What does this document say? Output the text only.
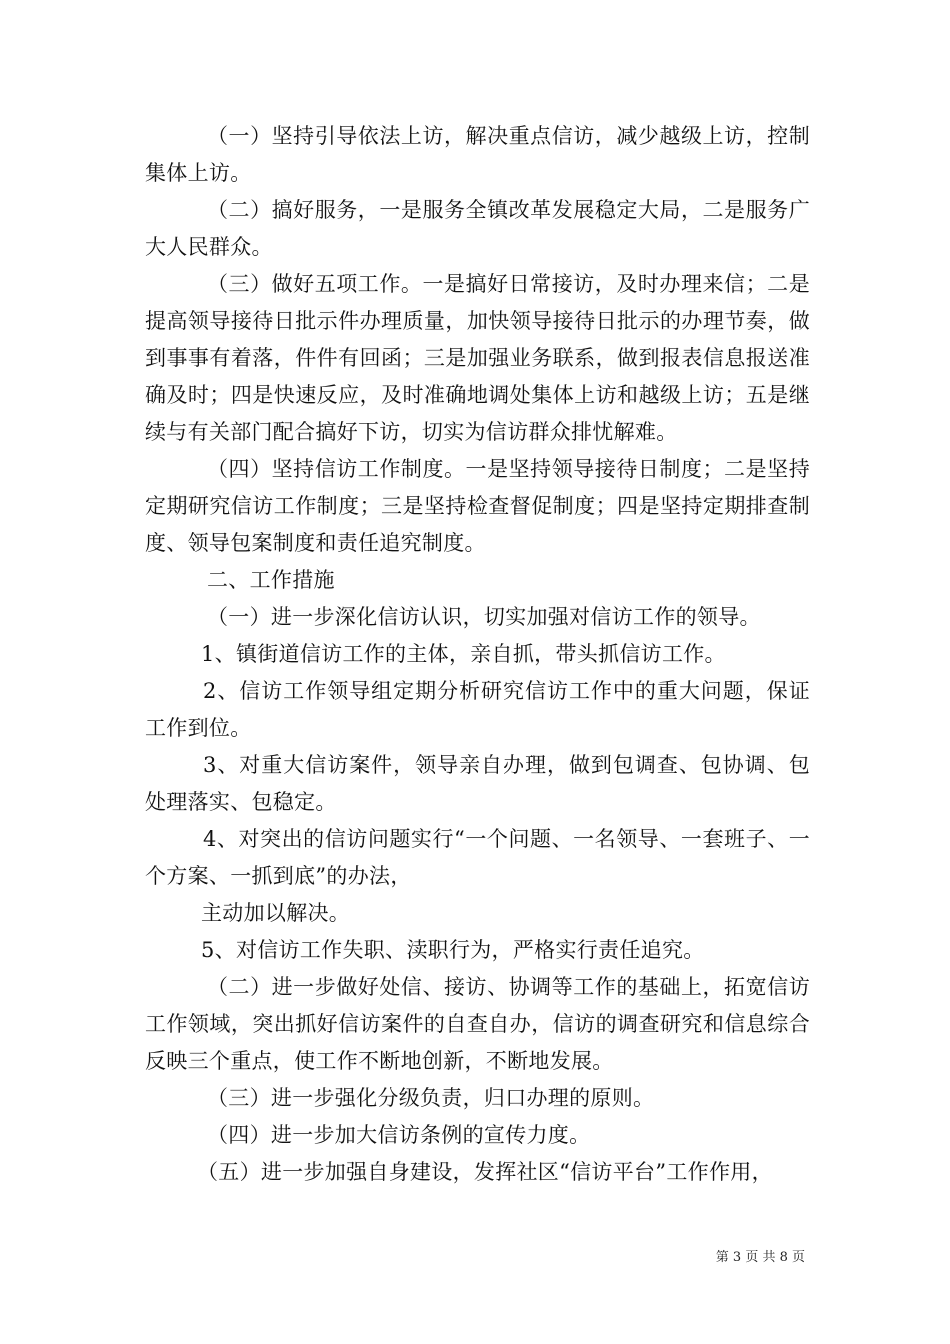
（一）坚持引导依法上访，解决重点信访，减少越级上访，控制集体上访。

（二）搞好服务，一是服务全镇改革发展稳定大局，二是服务广大人民群众。

（三）做好五项工作。一是搞好日常接访，及时办理来信；二是提高领导接待日批示件办理质量，加快领导接待日批示的办理节奏，做到事事有着落，件件有回函；三是加强业务联系，做到报表信息报送准确及时；四是快速反应，及时准确地调处集体上访和越级上访；五是继续与有关部门配合搞好下访，切实为信访群众排忧解难。

（四）坚持信访工作制度。一是坚持领导接待日制度；二是坚持定期研究信访工作制度；三是坚持检查督促制度；四是坚持定期排查制度、领导包案制度和责任追究制度。

二、工作措施

（一）进一步深化信访认识，切实加强对信访工作的领导。

1、镇街道信访工作的主体，亲自抓，带头抓信访工作。

2、信访工作领导组定期分析研究信访工作中的重大问题，保证工作到位。

3、对重大信访案件，领导亲自办理，做到包调查、包协调、包处理落实、包稳定。

4、对突出的信访问题实行“一个问题、一名领导、一套班子、一个方案、一抓到底”的办法，

主动加以解决。

5、对信访工作失职、渎职行为，严格实行责任追究。

（二）进一步做好处信、接访、协调等工作的基础上，拓宽信访工作领域，突出抓好信访案件的自查自办，信访的调查研究和信息综合反映三个重点，使工作不断地创新，不断地发展。

（三）进一步强化分级负责，归口办理的原则。

（四）进一步加大信访条例的宣传力度。

（五）进一步加强自身建设，发挥社区“信访平台”工作作用，

第 3 页 共 8 页
